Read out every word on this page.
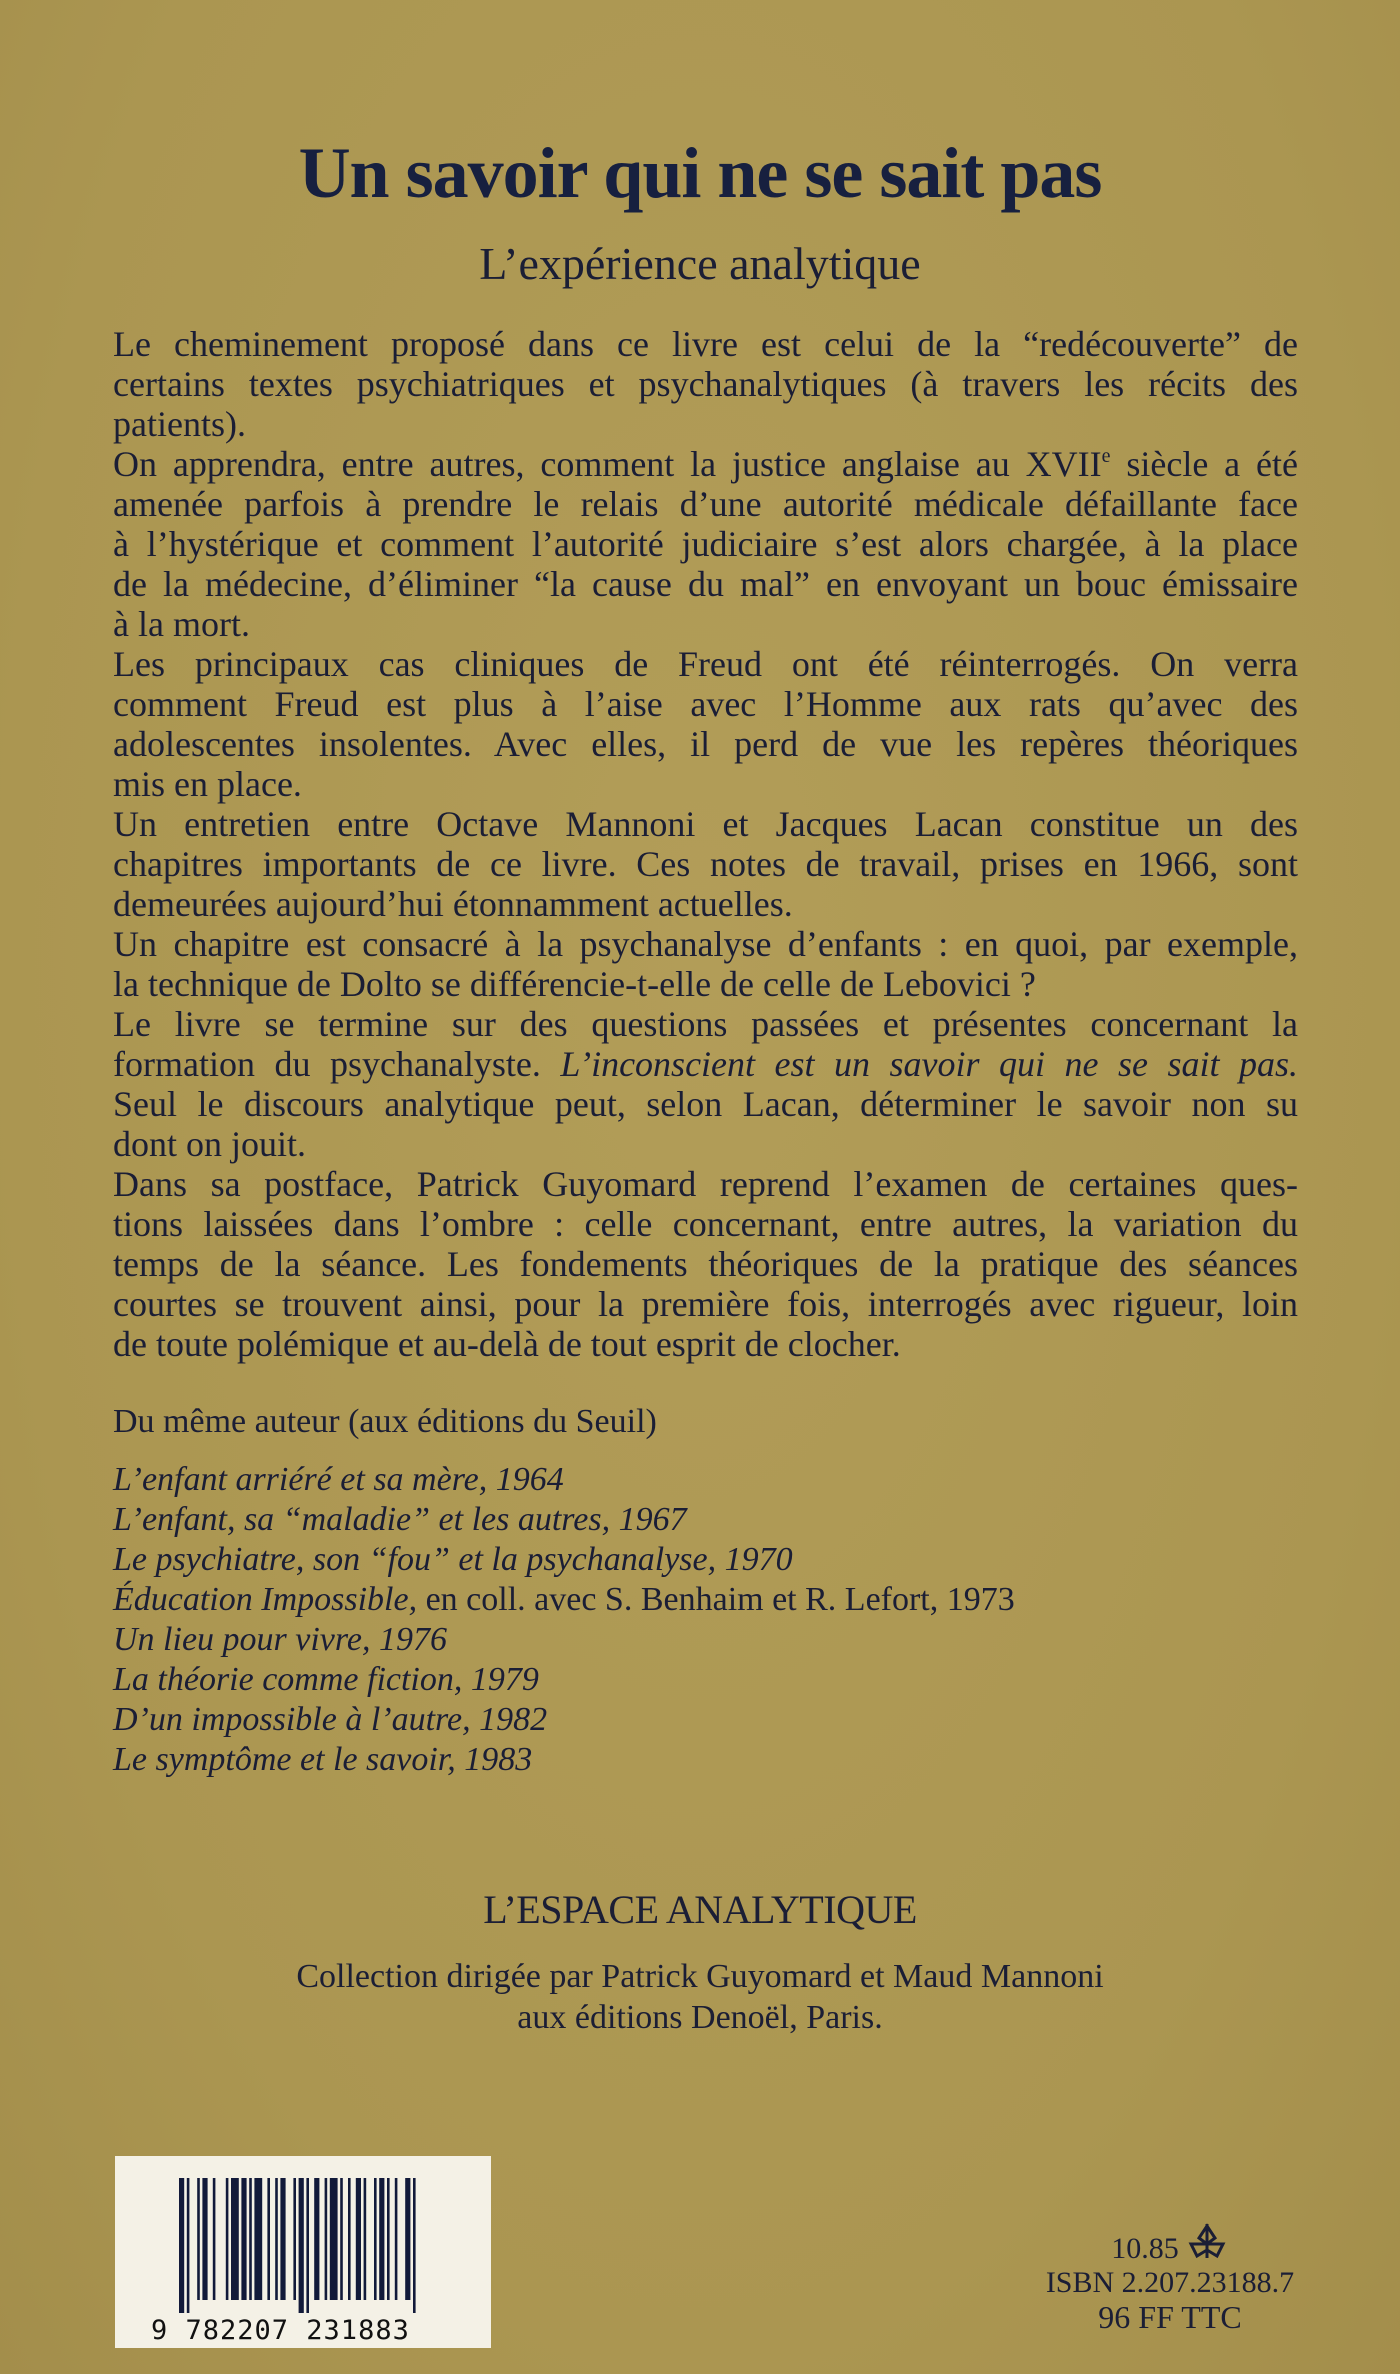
Un savoir qui ne se sait pas
L’expérience analytique
Le cheminement proposé dans ce livre est celui de la “redécouverte” de
certains textes psychiatriques et psychanalytiques (à travers les récits des
patients).
On apprendra, entre autres, comment la justice anglaise au XVIIe siècle a été
amenée parfois à prendre le relais d’une autorité médicale défaillante face
à l’hystérique et comment l’autorité judiciaire s’est alors chargée, à la place
de la médecine, d’éliminer “la cause du mal” en envoyant un bouc émissaire
à la mort.
Les principaux cas cliniques de Freud ont été réinterrogés. On verra
comment Freud est plus à l’aise avec l’Homme aux rats qu’avec des
adolescentes insolentes. Avec elles, il perd de vue les repères théoriques
mis en place.
Un entretien entre Octave Mannoni et Jacques Lacan constitue un des
chapitres importants de ce livre. Ces notes de travail, prises en 1966, sont
demeurées aujourd’hui étonnamment actuelles.
Un chapitre est consacré à la psychanalyse d’enfants : en quoi, par exemple,
la technique de Dolto se différencie-t-elle de celle de Lebovici ?
Le livre se termine sur des questions passées et présentes concernant la
formation du psychanalyste. L’inconscient est un savoir qui ne se sait pas.
Seul le discours analytique peut, selon Lacan, déterminer le savoir non su
dont on jouit.
Dans sa postface, Patrick Guyomard reprend l’examen de certaines ques-
tions laissées dans l’ombre : celle concernant, entre autres, la variation du
temps de la séance. Les fondements théoriques de la pratique des séances
courtes se trouvent ainsi, pour la première fois, interrogés avec rigueur, loin
de toute polémique et au-delà de tout esprit de clocher.
Du même auteur (aux éditions du Seuil)
L’enfant arriéré et sa mère, 1964
L’enfant, sa “maladie” et les autres, 1967
Le psychiatre, son “fou” et la psychanalyse, 1970
Éducation Impossible, en coll. avec S. Benhaim et R. Lefort, 1973
Un lieu pour vivre, 1976
La théorie comme fiction, 1979
D’un impossible à l’autre, 1982
Le symptôme et le savoir, 1983
L’ESPACE ANALYTIQUE
Collection dirigée par Patrick Guyomard et Maud Mannoni
aux éditions Denoël, Paris.
9 782207 231883
10.85
ISBN 2.207.23188.7
96 FF TTC
